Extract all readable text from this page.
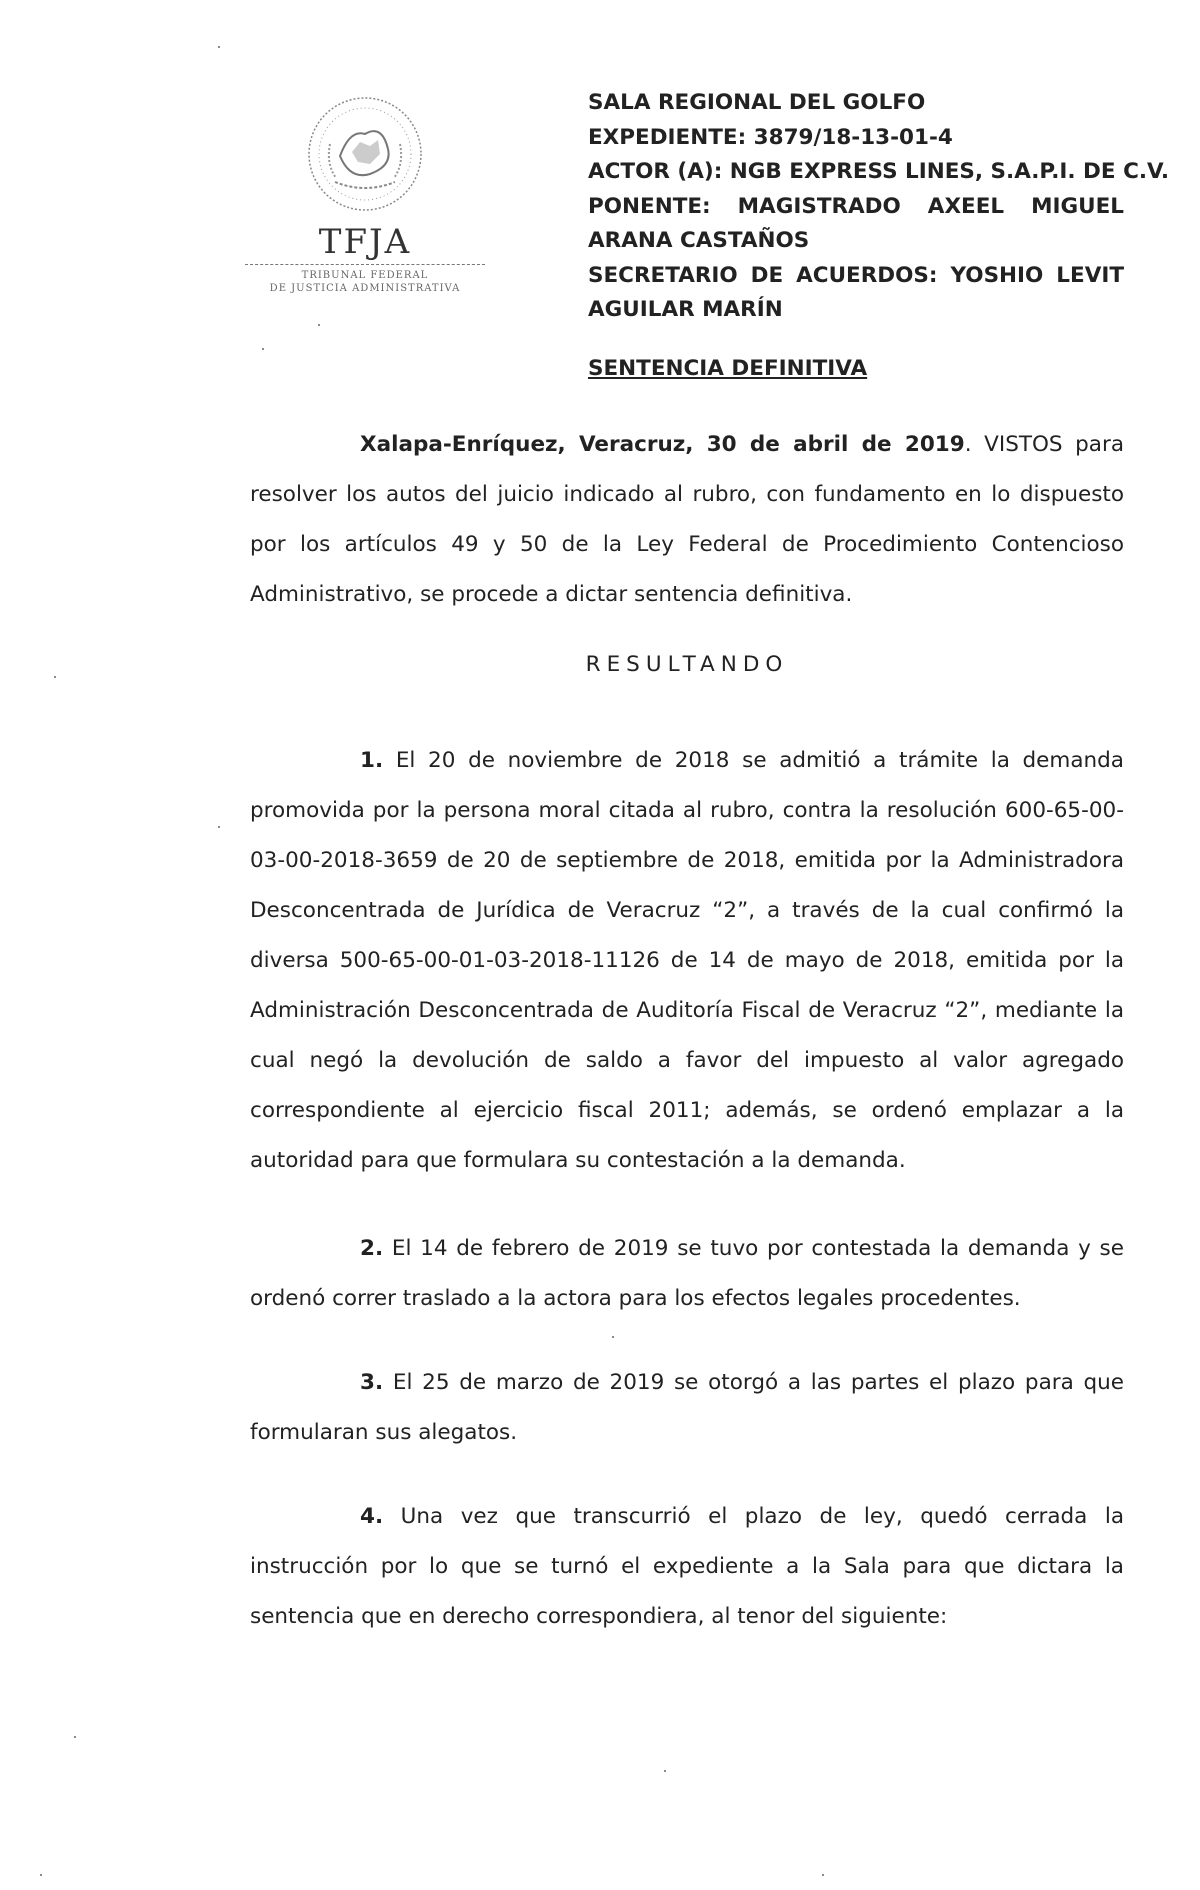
TFJA
TRIBUNAL FEDERAL
DE JUSTICIA ADMINISTRATIVA
SALA REGIONAL DEL GOLFO
EXPEDIENTE: 3879/18-13-01-4
ACTOR (A): NGB EXPRESS LINES, S.A.P.I. DE C.V.
PONENTE: MAGISTRADO AXEEL MIGUEL
ARANA CASTAÑOS
SECRETARIO DE ACUERDOS: YOSHIO LEVIT
AGUILAR MARÍN
SENTENCIA DEFINITIVA
Xalapa-Enríquez, Veracruz, 30 de abril de 2019. VISTOS para resolver los autos del juicio indicado al rubro, con fundamento en lo dispuesto por los artículos 49 y 50 de la Ley Federal de Procedimiento Contencioso Administrativo, se procede a dictar sentencia definitiva.
RESULTANDO
1. El 20 de noviembre de 2018 se admitió a trámite la demanda promovida por la persona moral citada al rubro, contra la resolución 600-65-00-03-00-2018-3659 de 20 de septiembre de 2018, emitida por la Administradora Desconcentrada de Jurídica de Veracruz “2”, a través de la cual confirmó la diversa 500-65-00-01-03-2018-11126 de 14 de mayo de 2018, emitida por la Administración Desconcentrada de Auditoría Fiscal de Veracruz “2”, mediante la cual negó la devolución de saldo a favor del impuesto al valor agregado correspondiente al ejercicio fiscal 2011; además, se ordenó emplazar a la autoridad para que formulara su contestación a la demanda.
2. El 14 de febrero de 2019 se tuvo por contestada la demanda y se ordenó correr traslado a la actora para los efectos legales procedentes.
3. El 25 de marzo de 2019 se otorgó a las partes el plazo para que formularan sus alegatos.
4. Una vez que transcurrió el plazo de ley, quedó cerrada la instrucción por lo que se turnó el expediente a la Sala para que dictara la sentencia que en derecho correspondiera, al tenor del siguiente:
